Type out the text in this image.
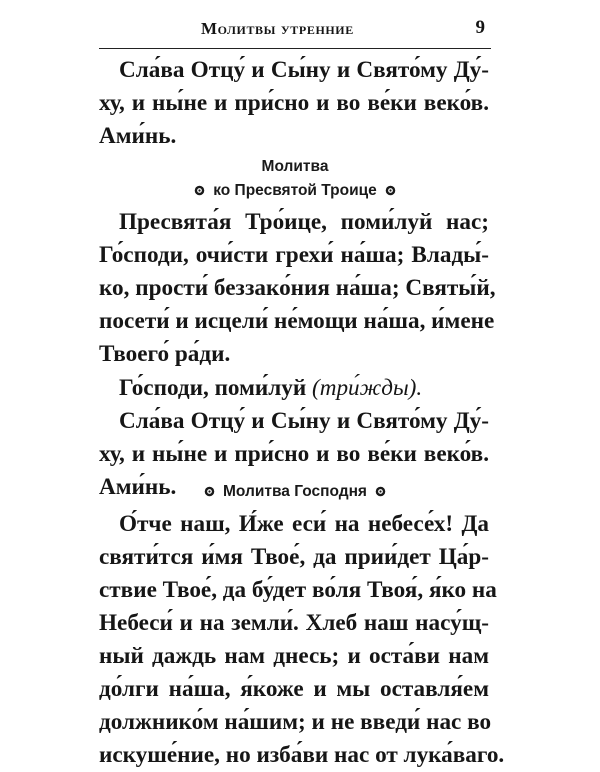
Молитвы утренние	9
Сла́ва Отцу́ и Сы́ну и Свято́му Ду́-
ху, и ны́не и при́сно и во ве́ки веко́в.
Ами́нь.
Молитва
ко Пресвятой Троице
Пресвята́я Тро́ице, поми́луй нас;
Го́споди, очи́сти грехи́ на́ша; Влады́-
ко, прости́ беззако́ния на́ша; Святы́й,
посети́ и исцели́ не́мощи на́ша, и́мене
Твоего́ ра́ди.
Го́споди, поми́луй (три́жды).
Сла́ва Отцу́ и Сы́ну и Свято́му Ду́-
ху, и ны́не и при́сно и во ве́ки веко́в.
Ами́нь.	Молитва Господня
О́тче наш, И́же еси́ на небесе́х! Да
святи́тся и́мя Твое́, да прии́дет Ца́р-
ствие Твое́, да бу́дет во́ля Твоя́, я́ко на
Небеси́ и на земли́. Хлеб наш насу́щ-
ный даждь нам днесь; и оста́ви нам
до́лги на́ша, я́коже и мы оставля́ем
должнико́м на́шим; и не введи́ нас во
искуше́ние, но изба́ви нас от лука́ваго.
